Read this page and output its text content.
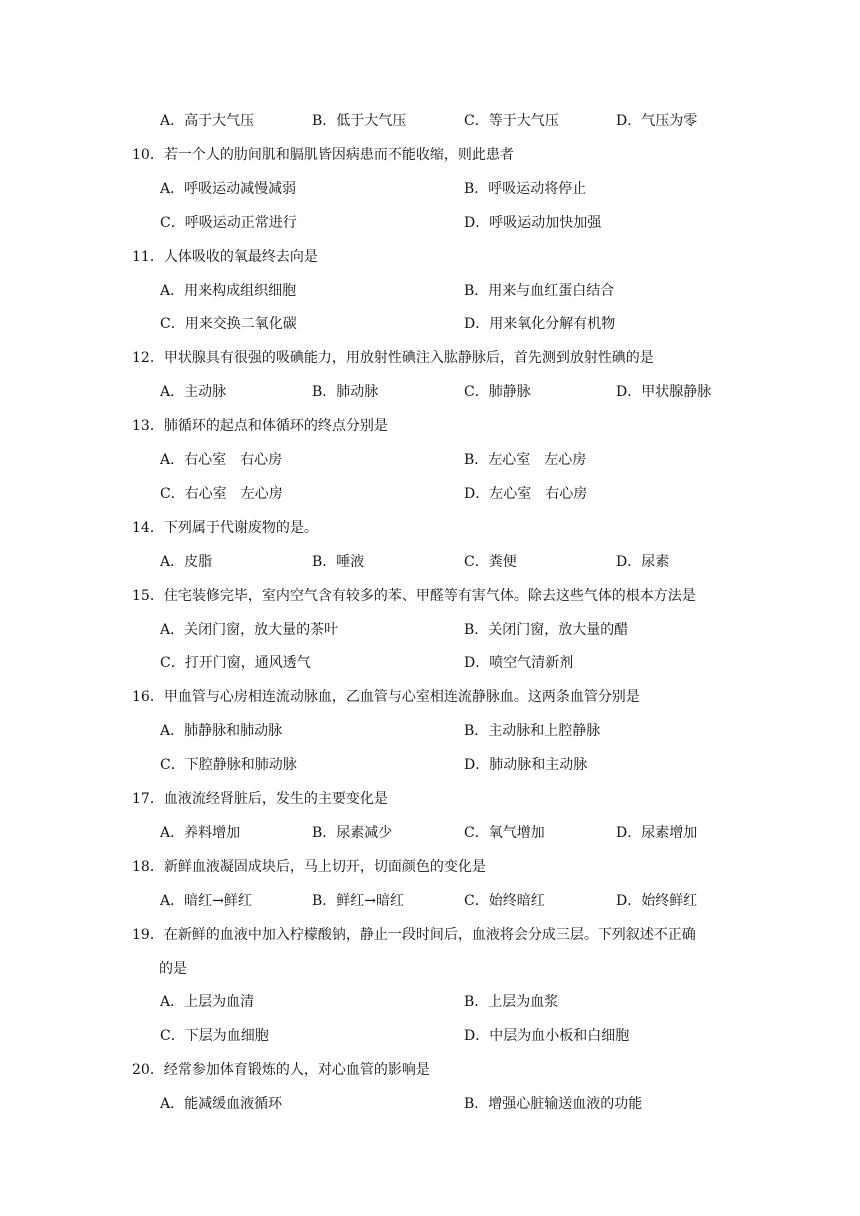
A．高于大气压	B．低于大气压	C．等于大气压	D．气压为零
10．若一个人的肋间肌和膈肌皆因病患而不能收缩，则此患者
A．呼吸运动减慢减弱	B．呼吸运动将停止
C．呼吸运动正常进行	D．呼吸运动加快加强
11．人体吸收的氧最终去向是
A．用来构成组织细胞	B．用来与血红蛋白结合
C．用来交换二氧化碳	D．用来氧化分解有机物
12．甲状腺具有很强的吸碘能力，用放射性碘注入肱静脉后，首先测到放射性碘的是
A．主动脉	B．肺动脉	C．肺静脉	D．甲状腺静脉
13．肺循环的起点和体循环的终点分别是
A．右心室　右心房	B．左心室　左心房
C．右心室　左心房	D．左心室　右心房
14．下列属于代谢废物的是。
A．皮脂	B．唾液	C．粪便	D．尿素
15．住宅装修完毕，室内空气含有较多的苯、甲醛等有害气体。除去这些气体的根本方法是
A．关闭门窗，放大量的茶叶	B．关闭门窗，放大量的醋
C．打开门窗，通风透气	D．喷空气清新剂
16．甲血管与心房相连流动脉血，乙血管与心室相连流静脉血。这两条血管分别是
A．肺静脉和肺动脉	B．主动脉和上腔静脉
C．下腔静脉和肺动脉	D．肺动脉和主动脉
17．血液流经肾脏后，发生的主要变化是
A．养料增加	B．尿素减少	C．氧气增加	D．尿素增加
18．新鲜血液凝固成块后，马上切开，切面颜色的变化是
A．暗红→鲜红	B．鲜红→暗红	C．始终暗红	D．始终鲜红
19．在新鲜的血液中加入柠檬酸钠，静止一段时间后，血液将会分成三层。下列叙述不正确
的是
A．上层为血清	B．上层为血浆
C．下层为血细胞	D．中层为血小板和白细胞
20．经常参加体育锻炼的人，对心血管的影响是
A．能减缓血液循环	B．增强心脏输送血液的功能
